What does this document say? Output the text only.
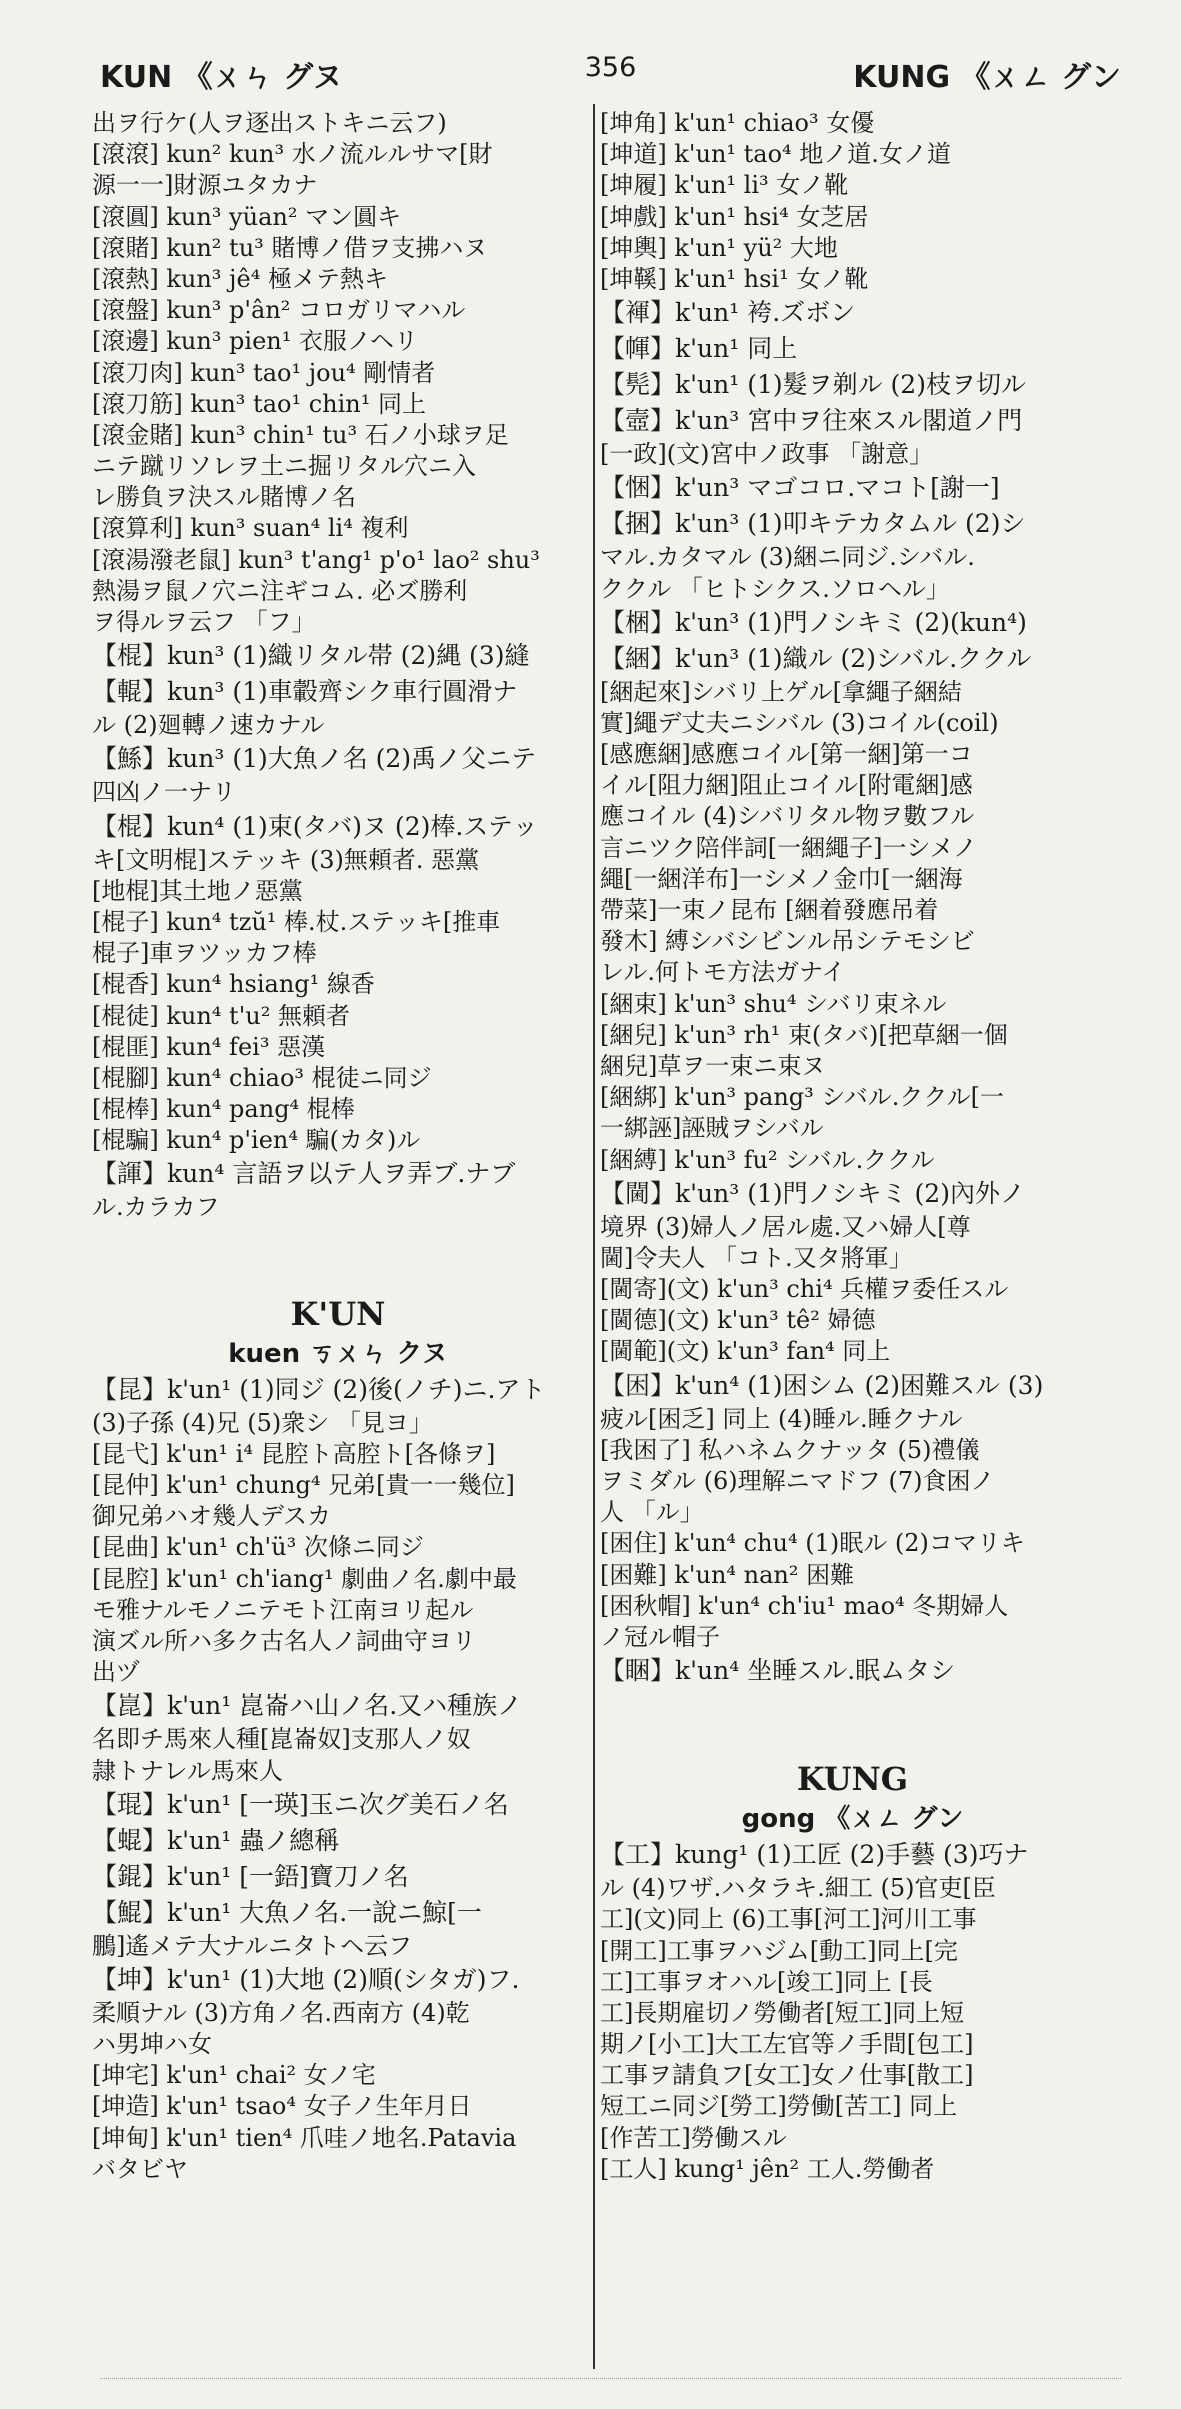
KUN 《ㄨㄣ グヌ	356	KUNG 《ㄨㄥ グン
出ヲ行ケ(人ヲ逐出ストキニ云フ)
[滾滾] kun² kun³ 水ノ流ルルサマ[財
源一一]財源ユタカナ
[滾圓] kun³ yüan² マン圓キ
[滾賭] kun² tu³ 賭博ノ借ヲ支拂ハヌ
[滾熱] kun³ jê⁴ 極メテ熱キ
[滾盤] kun³ p'ân² コロガリマハル
[滾邊] kun³ pien¹ 衣服ノヘリ
[滾刀肉] kun³ tao¹ jou⁴ 剛情者
[滾刀筋] kun³ tao¹ chin¹ 同上
[滾金賭] kun³ chin¹ tu³ 石ノ小球ヲ足
ニテ蹴リソレヲ土ニ掘リタル穴ニ入
レ勝負ヲ決スル賭博ノ名
[滾算利] kun³ suan⁴ li⁴ 複利
[滾湯潑老鼠] kun³ t'ang¹ p'o¹ lao² shu³
熱湯ヲ鼠ノ穴ニ注ギコム. 必ズ勝利
ヲ得ルヲ云フ 「フ」
【棍】kun³ (1)織リタル帯 (2)縄 (3)縫
【輥】kun³ (1)車轂齊シク車行圓滑ナ
ル (2)廻轉ノ速カナル
【鯀】kun³ (1)大魚ノ名 (2)禹ノ父ニテ
四凶ノ一ナリ
【棍】kun⁴ (1)束(タバ)ヌ (2)棒.ステッ
キ[文明棍]ステッキ (3)無頼者. 惡黨
[地棍]其土地ノ惡黨
[棍子] kun⁴ tzŭ¹ 棒.杖.ステッキ[推車
棍子]車ヲツッカフ棒
[棍香] kun⁴ hsiang¹ 線香
[棍徒] kun⁴ t'u² 無頼者
[棍匪] kun⁴ fei³ 惡漢
[棍腳] kun⁴ chiao³ 棍徒ニ同ジ
[棍棒] kun⁴ pang⁴ 棍棒
[棍騙] kun⁴ p'ien⁴ 騙(カタ)ル
【諢】kun⁴ 言語ヲ以テ人ヲ弄ブ.ナブ
ル.カラカフ
K'UN
kuen ㄎㄨㄣ クヌ
【昆】k'un¹ (1)同ジ (2)後(ノチ)ニ.アト
(3)子孫 (4)兄 (5)衆シ 「見ヨ」
[昆弋] k'un¹ i⁴ 昆腔ト高腔ト[各條ヲ]
[昆仲] k'un¹ chung⁴ 兄弟[貴一一幾位]
御兄弟ハオ幾人デスカ
[昆曲] k'un¹ ch'ü³ 次條ニ同ジ
[昆腔] k'un¹ ch'iang¹ 劇曲ノ名.劇中最
モ雅ナルモノニテモト江南ヨリ起ル
演ズル所ハ多ク古名人ノ詞曲守ヨリ
出ヅ
【崑】k'un¹ 崑崙ハ山ノ名.又ハ種族ノ
名即チ馬來人種[崑崙奴]支那人ノ奴
隷トナレル馬來人
【琨】k'un¹ [一瑛]玉ニ次グ美石ノ名
【蜫】k'un¹ 蟲ノ總稱
【錕】k'un¹ [一鋙]寶刀ノ名
【鯤】k'un¹ 大魚ノ名.一說ニ鯨[一
鵬]遙メテ大ナルニタトヘ云フ
【坤】k'un¹ (1)大地 (2)順(シタガ)フ.
柔順ナル (3)方角ノ名.西南方 (4)乾
ハ男坤ハ女
[坤宅] k'un¹ chai² 女ノ宅
[坤造] k'un¹ tsao⁴ 女子ノ生年月日
[坤甸] k'un¹ tien⁴ 爪哇ノ地名.Patavia
バタビヤ
[坤角] k'un¹ chiao³ 女優
[坤道] k'un¹ tao⁴ 地ノ道.女ノ道
[坤履] k'un¹ li³ 女ノ靴
[坤戲] k'un¹ hsi⁴ 女芝居
[坤輿] k'un¹ yü² 大地
[坤鞵] k'un¹ hsi¹ 女ノ靴
【褌】k'un¹ 袴.ズボン
【㡓】k'un¹ 同上
【髡】k'un¹ (1)髮ヲ剃ル (2)枝ヲ切ル
【壼】k'un³ 宮中ヲ往來スル閣道ノ門
[一政](文)宮中ノ政事 「謝意」
【悃】k'un³ マゴコロ.マコト[謝一]
【捆】k'un³ (1)叩キテカタムル (2)シ
マル.カタマル (3)綑ニ同ジ.シバル.
ククル 「ヒトシクス.ソロヘル」
【梱】k'un³ (1)門ノシキミ (2)(kun⁴)
【綑】k'un³ (1)織ル (2)シバル.ククル
[綑起來]シバリ上ゲル[拿繩子綑結
實]繩デ丈夫ニシバル (3)コイル(coil)
[感應綑]感應コイル[第一綑]第一コ
イル[阻力綑]阻止コイル[附電綑]感
應コイル (4)シバリタル物ヲ數フル
言ニツク陪伴詞[一綑繩子]一シメノ
繩[一綑洋布]一シメノ金巾[一綑海
帶菜]一束ノ昆布 [綑着發應吊着
發木] 縛シバシビンル吊シテモシビ
レル.何トモ方法ガナイ
[綑束] k'un³ shu⁴ シバリ束ネル
[綑兒] k'un³ rh¹ 束(タバ)[把草綑一個
綑兒]草ヲ一束ニ束ヌ
[綑綁] k'un³ pang³ シバル.ククル[一
一綁誣]誣賊ヲシバル
[綑縛] k'un³ fu² シバル.ククル
【閫】k'un³ (1)門ノシキミ (2)內外ノ
境界 (3)婦人ノ居ル處.又ハ婦人[尊
閫]令夫人 「コト.又タ將軍」
[閫寄](文) k'un³ chi⁴ 兵權ヲ委任スル
[閫德](文) k'un³ tê² 婦德
[閫範](文) k'un³ fan⁴ 同上
【困】k'un⁴ (1)困シム (2)困難スル (3)
疲ル[困乏] 同上 (4)睡ル.睡クナル
[我困了] 私ハネムクナッタ (5)禮儀
ヲミダル (6)理解ニマドフ (7)食困ノ
人 「ル」
[困住] k'un⁴ chu⁴ (1)眠ル (2)コマリキ
[困難] k'un⁴ nan² 困難
[困秋帽] k'un⁴ ch'iu¹ mao⁴ 冬期婦人
ノ冠ル帽子
【睏】k'un⁴ 坐睡スル.眠ムタシ
KUNG
gong 《ㄨㄥ グン
【工】kung¹ (1)工匠 (2)手藝 (3)巧ナ
ル (4)ワザ.ハタラキ.細工 (5)官吏[臣
工](文)同上 (6)工事[河工]河川工事
[開工]工事ヲハジム[動工]同上[完
工]工事ヲオハル[竣工]同上 [長
工]長期雇切ノ勞働者[短工]同上短
期ノ[小工]大工左官等ノ手間[包工]
工事ヲ請負フ[女工]女ノ仕事[散工]
短工ニ同ジ[勞工]勞働[苦工] 同上
[作苦工]勞働スル
[工人] kung¹ jên² 工人.勞働者
